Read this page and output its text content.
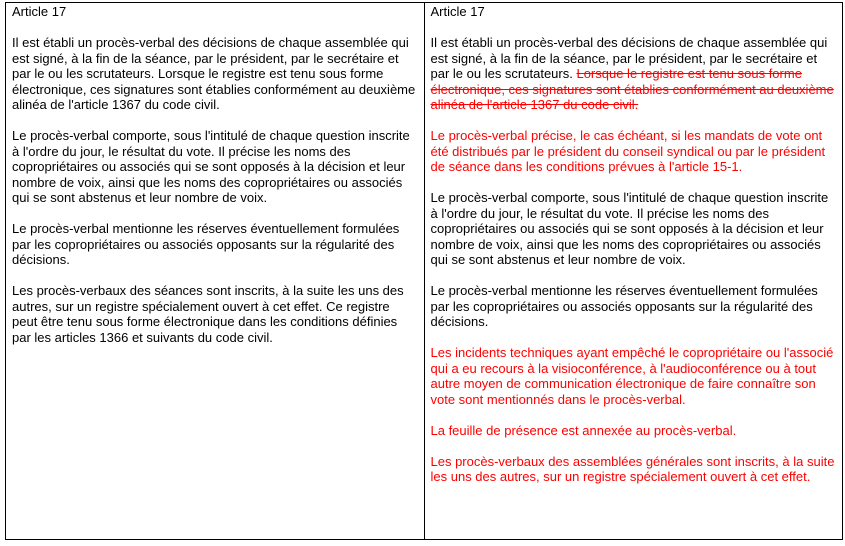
Article 17

Il est établi un procès-verbal des décisions de chaque assemblée qui est signé, à la fin de la séance, par le président, par le secrétaire et par le ou les scrutateurs. Lorsque le registre est tenu sous forme électronique, ces signatures sont établies conformément au deuxième alinéa de l'article 1367 du code civil.

Le procès-verbal comporte, sous l'intitulé de chaque question inscrite à l'ordre du jour, le résultat du vote. Il précise les noms des copropriétaires ou associés qui se sont opposés à la décision et leur nombre de voix, ainsi que les noms des copropriétaires ou associés qui se sont abstenus et leur nombre de voix.

Le procès-verbal mentionne les réserves éventuellement formulées par les copropriétaires ou associés opposants sur la régularité des décisions.

Les procès-verbaux des séances sont inscrits, à la suite les uns des autres, sur un registre spécialement ouvert à cet effet. Ce registre peut être tenu sous forme électronique dans les conditions définies par les articles 1366 et suivants du code civil.

Article 17

Il est établi un procès-verbal des décisions de chaque assemblée qui est signé, à la fin de la séance, par le président, par le secrétaire et par le ou les scrutateurs. Lorsque le registre est tenu sous forme électronique, ces signatures sont établies conformément au deuxième alinéa de l'article 1367 du code civil.

Le procès-verbal précise, le cas échéant, si les mandats de vote ont été distribués par le président du conseil syndical ou par le président de séance dans les conditions prévues à l'article 15-1.

Le procès-verbal comporte, sous l'intitulé de chaque question inscrite à l'ordre du jour, le résultat du vote. Il précise les noms des copropriétaires ou associés qui se sont opposés à la décision et leur nombre de voix, ainsi que les noms des copropriétaires ou associés qui se sont abstenus et leur nombre de voix.

Le procès-verbal mentionne les réserves éventuellement formulées par les copropriétaires ou associés opposants sur la régularité des décisions.

Les incidents techniques ayant empêché le copropriétaire ou l'associé qui a eu recours à la visioconférence, à l'audioconférence ou à tout autre moyen de communication électronique de faire connaître son vote sont mentionnés dans le procès-verbal.

La feuille de présence est annexée au procès-verbal.

Les procès-verbaux des assemblées générales sont inscrits, à la suite les uns des autres, sur un registre spécialement ouvert à cet effet.
